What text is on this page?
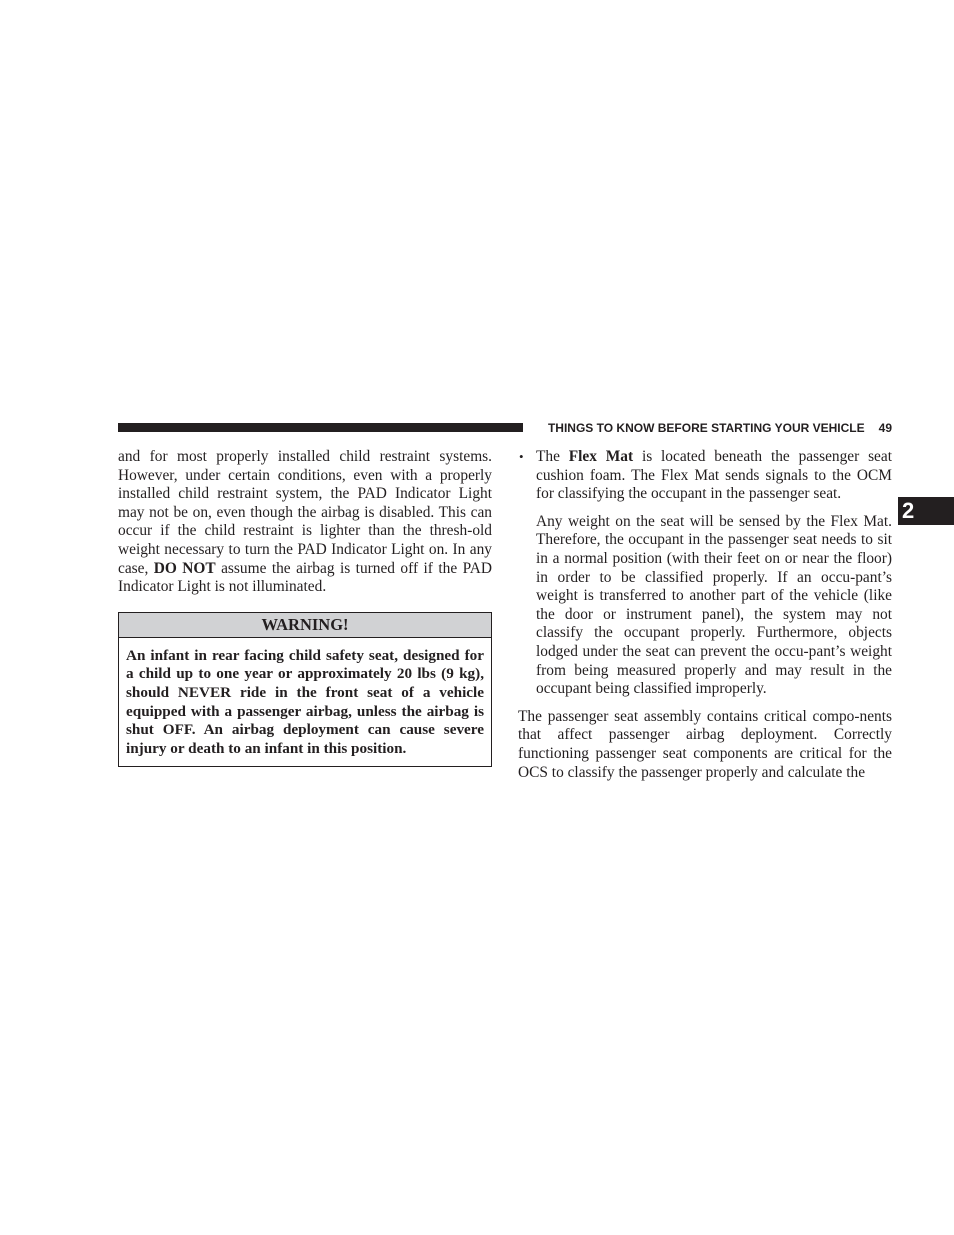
THINGS TO KNOW BEFORE STARTING YOUR VEHICLE 49
2

and for most properly installed child restraint systems. However, under certain conditions, even with a properly installed child restraint system, the PAD Indicator Light may not be on, even though the airbag is disabled. This can occur if the child restraint is lighter than the thresh-old weight necessary to turn the PAD Indicator Light on. In any case, DO NOT assume the airbag is turned off if the PAD Indicator Light is not illuminated.

WARNING!

An infant in rear facing child safety seat, designed for a child up to one year or approximately 20 lbs (9 kg), should NEVER ride in the front seat of a vehicle equipped with a passenger airbag, unless the airbag is shut OFF. An airbag deployment can cause severe injury or death to an infant in this position.

• The Flex Mat is located beneath the passenger seat cushion foam. The Flex Mat sends signals to the OCM for classifying the occupant in the passenger seat.

Any weight on the seat will be sensed by the Flex Mat. Therefore, the occupant in the passenger seat needs to sit in a normal position (with their feet on or near the floor) in order to be classified properly. If an occu-pant’s weight is transferred to another part of the vehicle (like the door or instrument panel), the system may not classify the occupant properly. Furthermore, objects lodged under the seat can prevent the occu-pant’s weight from being measured properly and may result in the occupant being classified improperly.

The passenger seat assembly contains critical compo-nents that affect passenger airbag deployment. Correctly functioning passenger seat components are critical for the OCS to classify the passenger properly and calculate the
